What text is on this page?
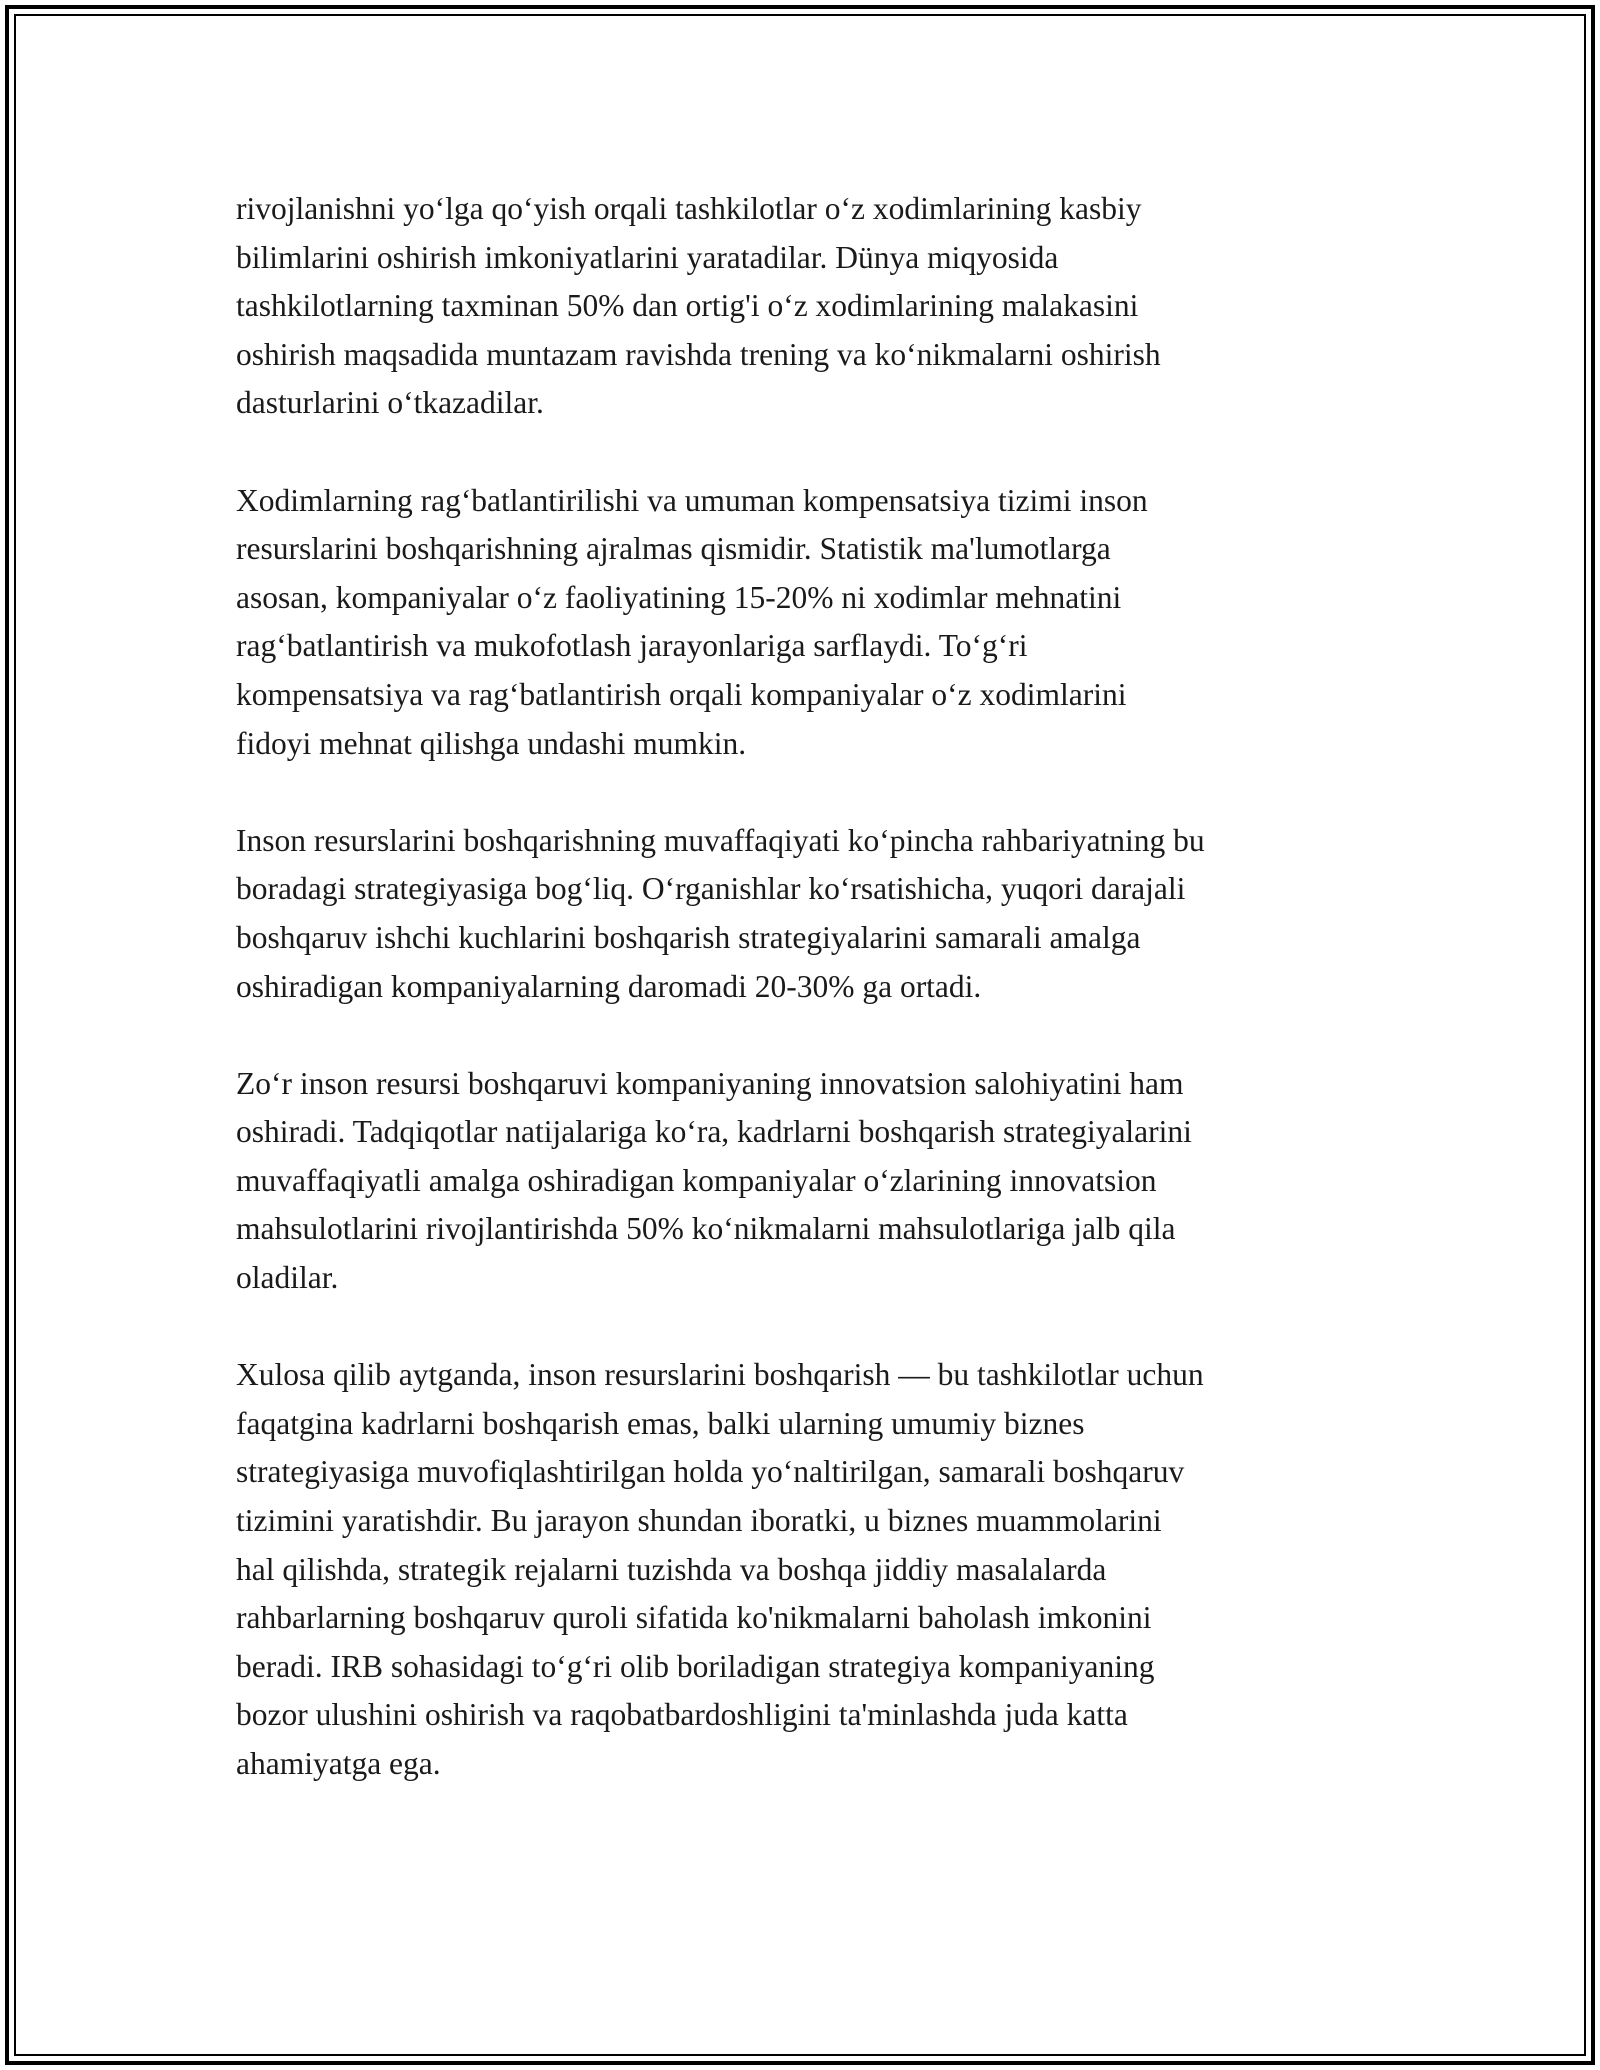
rivojlanishni yo‘lga qo‘yish orqali tashkilotlar o‘z xodimlarining kasbiy
bilimlarini oshirish imkoniyatlarini yaratadilar. Dünya miqyosida
tashkilotlarning taxminan 50% dan ortig'i o‘z xodimlarining malakasini
oshirish maqsadida muntazam ravishda trening va ko‘nikmalarni oshirish
dasturlarini o‘tkazadilar.

Xodimlarning rag‘batlantirilishi va umuman kompensatsiya tizimi inson
resurslarini boshqarishning ajralmas qismidir. Statistik ma'lumotlarga
asosan, kompaniyalar o‘z faoliyatining 15-20% ni xodimlar mehnatini
rag‘batlantirish va mukofotlash jarayonlariga sarflaydi. To‘g‘ri
kompensatsiya va rag‘batlantirish orqali kompaniyalar o‘z xodimlarini
fidoyi mehnat qilishga undashi mumkin.

Inson resurslarini boshqarishning muvaffaqiyati ko‘pincha rahbariyatning bu
boradagi strategiyasiga bog‘liq. O‘rganishlar ko‘rsatishicha, yuqori darajali
boshqaruv ishchi kuchlarini boshqarish strategiyalarini samarali amalga
oshiradigan kompaniyalarning daromadi 20-30% ga ortadi.

Zo‘r inson resursi boshqaruvi kompaniyaning innovatsion salohiyatini ham
oshiradi. Tadqiqotlar natijalariga ko‘ra, kadrlarni boshqarish strategiyalarini
muvaffaqiyatli amalga oshiradigan kompaniyalar o‘zlarining innovatsion
mahsulotlarini rivojlantirishda 50% ko‘nikmalarni mahsulotlariga jalb qila
oladilar.

Xulosa qilib aytganda, inson resurslarini boshqarish — bu tashkilotlar uchun
faqatgina kadrlarni boshqarish emas, balki ularning umumiy biznes
strategiyasiga muvofiqlashtirilgan holda yo‘naltirilgan, samarali boshqaruv
tizimini yaratishdir. Bu jarayon shundan iboratki, u biznes muammolarini
hal qilishda, strategik rejalarni tuzishda va boshqa jiddiy masalalarda
rahbarlarning boshqaruv quroli sifatida ko'nikmalarni baholash imkonini
beradi. IRB sohasidagi to‘g‘ri olib boriladigan strategiya kompaniyaning
bozor ulushini oshirish va raqobatbardoshligini ta'minlashda juda katta
ahamiyatga ega.
